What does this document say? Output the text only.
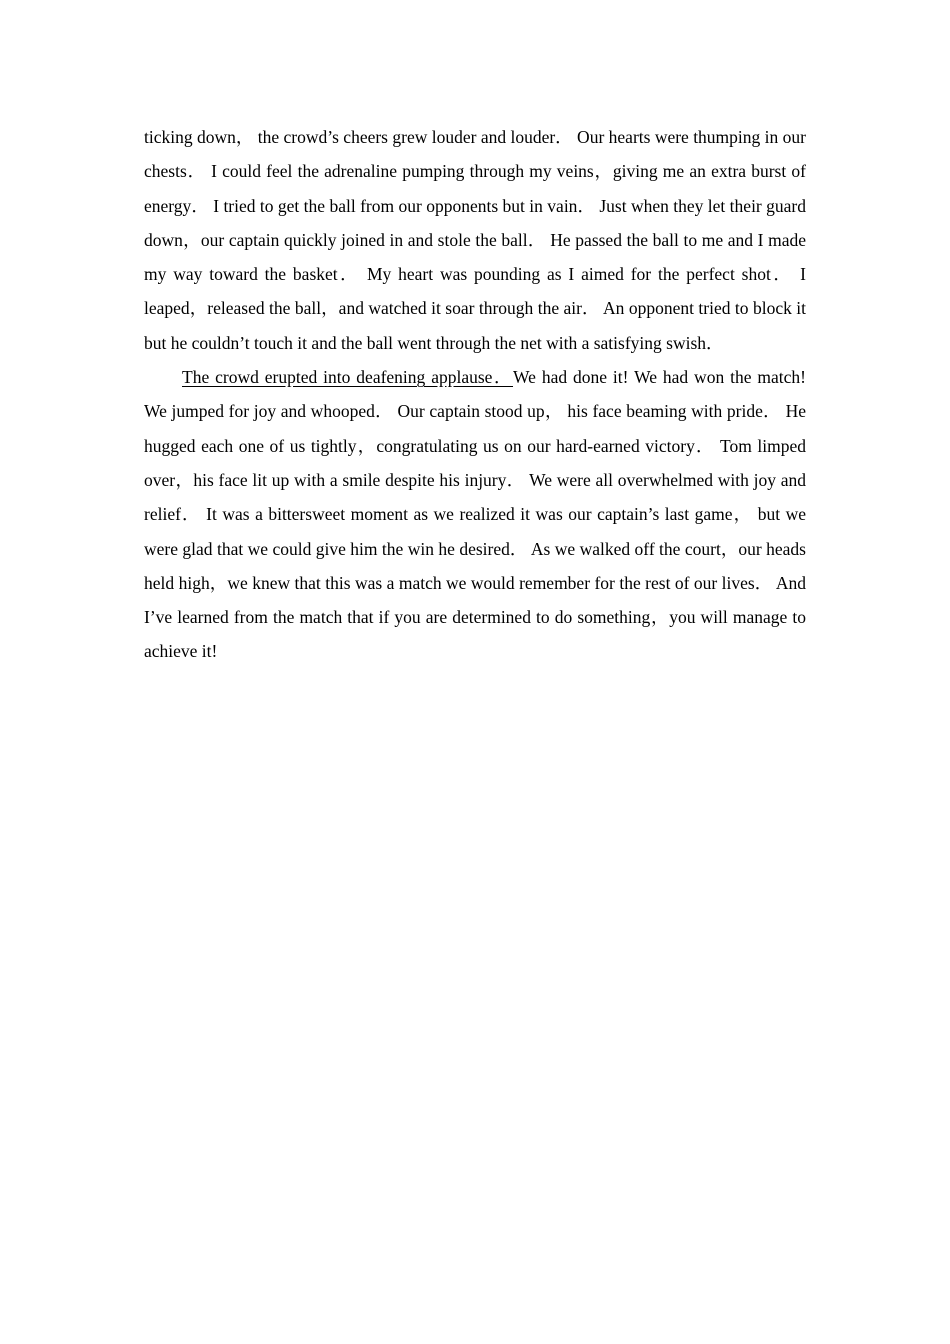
ticking down， the crowd’s cheers grew louder and louder． Our hearts were thumping in our chests． I could feel the adrenaline pumping through my veins，giving me an extra burst of energy． I tried to get the ball from our opponents but in vain． Just when they let their guard down，our captain quickly joined in and stole the ball． He passed the ball to me and I made my way toward the basket． My heart was pounding as I aimed for the perfect shot． I leaped，released the ball，and watched it soar through the air． An opponent tried to block it but he couldn’t touch it and the ball went through the net with a satisfying swish．

The crowd erupted into deafening applause．We had done it! We had won the match! We jumped for joy and whooped． Our captain stood up， his face beaming with pride． He hugged each one of us tightly，congratulating us on our hard-earned victory． Tom limped over，his face lit up with a smile despite his injury． We were all overwhelmed with joy and relief． It was a bittersweet moment as we realized it was our captain’s last game， but we were glad that we could give him the win he desired． As we walked off the court，our heads held high，we knew that this was a match we would remember for the rest of our lives． And I’ve learned from the match that if you are determined to do something，you will manage to achieve it!
